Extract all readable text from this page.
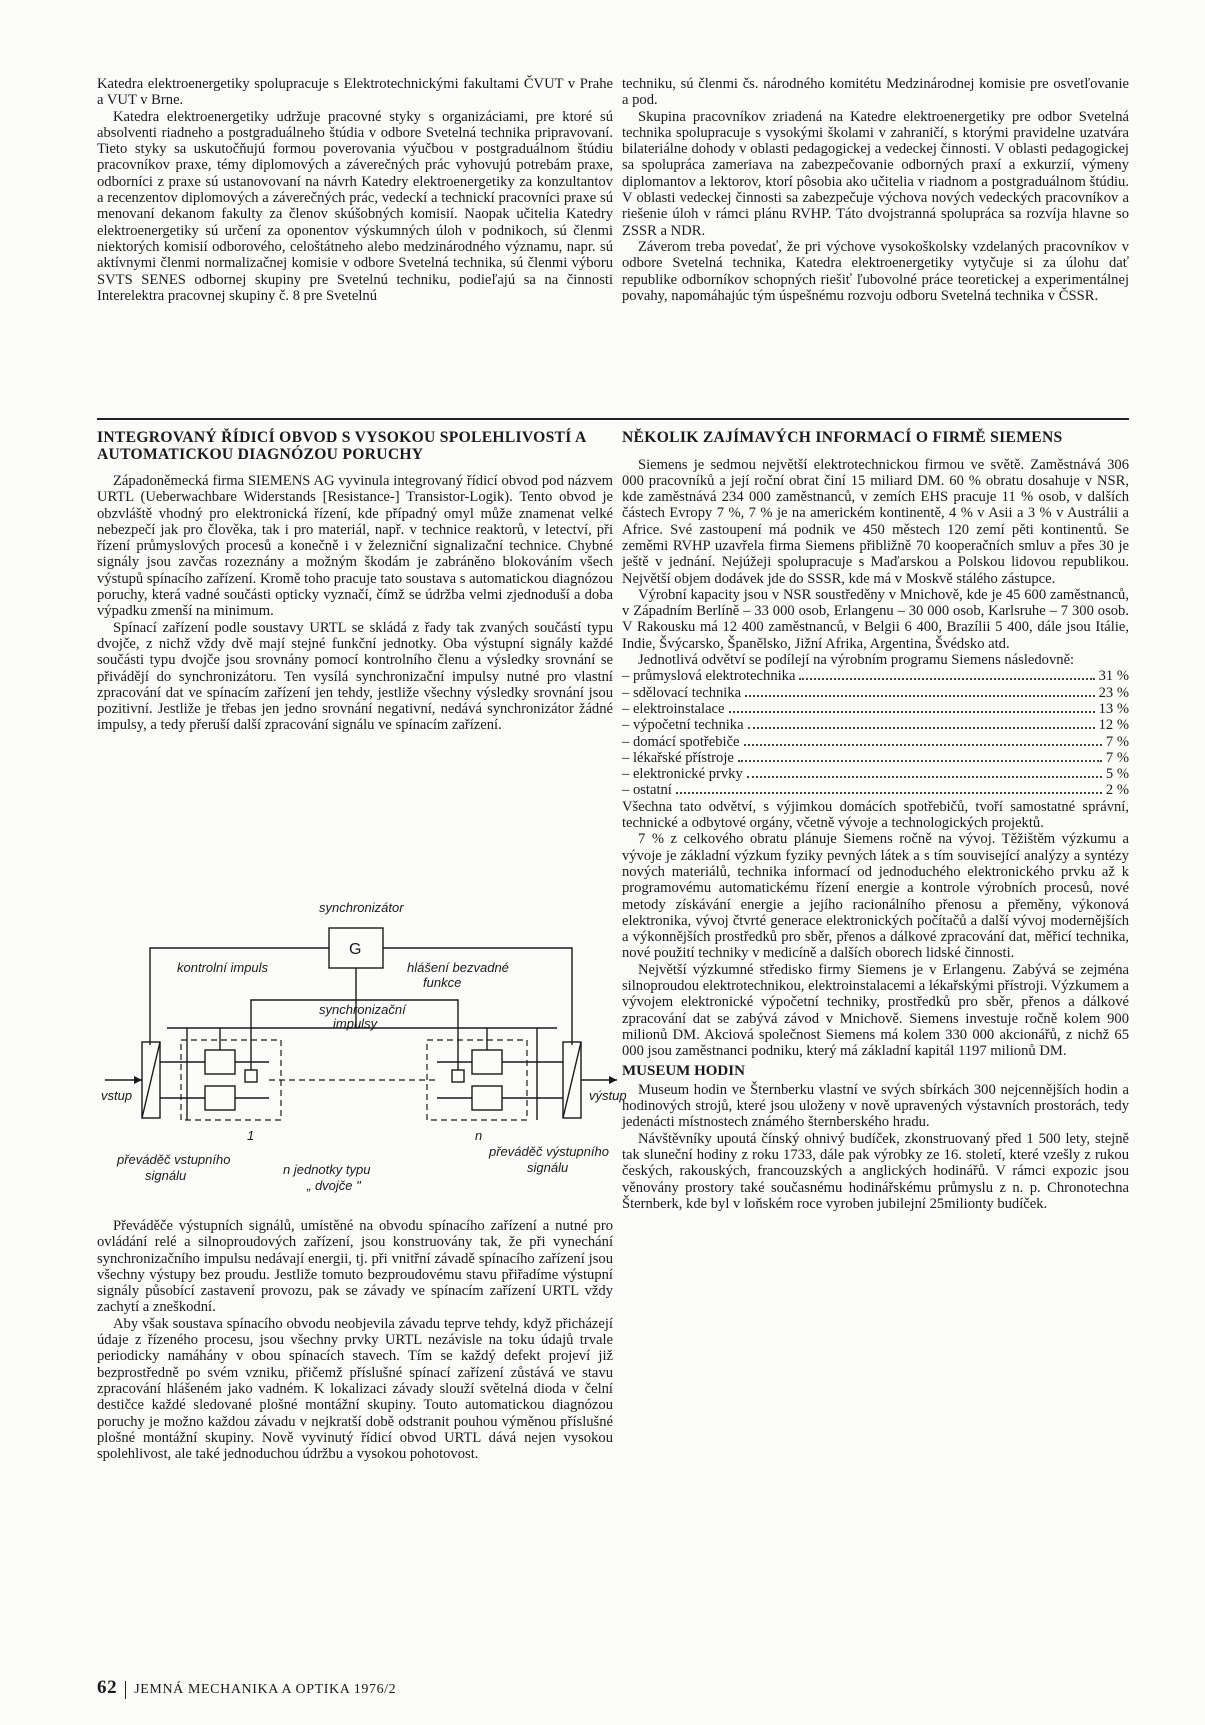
Katedra elektroenergetiky spolupracuje s Elektrotechnickými fakultami ČVUT v Prahe a VUT v Brne.

Katedra elektroenergetiky udržuje pracovné styky s organizáciami, pre ktoré sú absolventi riadneho a postgraduálneho štúdia v odbore Svetelná technika pripravovaní. Tieto styky sa uskutočňujú formou poverovania výučbou v postgraduálnom štúdiu pracovníkov praxe, témy diplomových a záverečných prác vyhovujú potrebám praxe, odborníci z praxe sú ustanovovaní na návrh Katedry elektroenergetiky za konzultantov a recenzentov diplomových a záverečných prác, vedeckí a technickí pracovníci praxe sú menovaní dekanom fakulty za členov skúšobných komisií. Naopak učitelia Katedry elektroenergetiky sú určení za oponentov výskumných úloh v podnikoch, sú členmi niektorých komisií odborového, celoštátneho alebo medzinárodného významu, napr. sú aktívnymi členmi normalizačnej komisie v odbore Svetelná technika, sú členmi výboru SVTS SENES odbornej skupiny pre Svetelnú techniku, podieľajú sa na činnosti Interelektra pracovnej skupiny č. 8 pre Svetelnú

techniku, sú členmi čs. národného komitétu Medzinárodnej komisie pre osvetľovanie a pod.

Skupina pracovníkov zriadená na Katedre elektroenergetiky pre odbor Svetelná technika spolupracuje s vysokými školami v zahraničí, s ktorými pravidelne uzatvára bilateriálne dohody v oblasti pedagogickej a vedeckej činnosti. V oblasti pedagogickej sa spolupráca zameriava na zabezpečovanie odborných praxí a exkurzií, výmeny diplomantov a lektorov, ktorí pôsobia ako učitelia v riadnom a postgraduálnom štúdiu. V oblasti vedeckej činnosti sa zabezpečuje výchova nových vedeckých pracovníkov a riešenie úloh v rámci plánu RVHP. Táto dvojstranná spolupráca sa rozvíja hlavne so ZSSR a NDR.

Záverom treba povedať, že pri výchove vysokoškolsky vzdelaných pracovníkov v odbore Svetelná technika, Katedra elektroenergetiky vytyčuje si za úlohu dať republike odborníkov schopných riešiť ľubovolné práce teoretickej a experimentálnej povahy, napomáhajúc tým úspešnému rozvoju odboru Svetelná technika v ČSSR.

INTEGROVANÝ ŘÍDICÍ OBVOD S VYSOKOU SPOLEHLIVOSTÍ A AUTOMATICKOU DIAGNÓZOU PORUCHY

Západoněmecká firma SIEMENS AG vyvinula integrovaný řídicí obvod pod názvem URTL (Ueberwachbare Widerstands [Resistance-] Transistor-Logik). Tento obvod je obzvláště vhodný pro elektronická řízení, kde případný omyl může znamenat velké nebezpečí jak pro člověka, tak i pro materiál, např. v technice reaktorů, v letectví, při řízení průmyslových procesů a konečně i v železniční signalizační technice. Chybné signály jsou zavčas rozeznány a možným škodám je zabráněno blokováním všech výstupů spínacího zařízení. Kromě toho pracuje tato soustava s automatickou diagnózou poruchy, která vadné součásti opticky vyznačí, čímž se údržba velmi zjednoduší a doba výpadku zmenší na minimum.

Spínací zařízení podle soustavy URTL se skládá z řady tak zvaných součástí typu dvojče, z nichž vždy dvě mají stejné funkční jednotky. Oba výstupní signály každé součásti typu dvojče jsou srovnány pomocí kontrolního členu a výsledky srovnání se přivádějí do synchronizátoru. Ten vysílá synchronizační impulsy nutné pro vlastní zpracování dat ve spínacím zařízení jen tehdy, jestliže všechny výsledky srovnání jsou pozitivní. Jestliže je třebas jen jedno srovnání negativní, nedává synchronizátor žádné impulsy, a tedy přeruší další zpracování signálu ve spínacím zařízení.

synchronizátor
G
kontrolní impuls	hlášení bezvadné
funkce
synchronizační
impulsy
vstup	výstup
1	n
převáděč vstupního
signálu	n jednotky typu
„ dvojče "
převáděč výstupního
signálu

Převáděče výstupních signálů, umístěné na obvodu spínacího zařízení a nutné pro ovládání relé a silnoproudových zařízení, jsou konstruovány tak, že při vynechání synchronizačního impulsu nedávají energii, tj. při vnitřní závadě spínacího zařízení jsou všechny výstupy bez proudu. Jestliže tomuto bezproudovému stavu přiřadíme výstupní signály působící zastavení provozu, pak se závady ve spínacím zařízení URTL vždy zachytí a zneškodní.

Aby však soustava spínacího obvodu neobjevila závadu teprve tehdy, když přicházejí údaje z řízeného procesu, jsou všechny prvky URTL nezávisle na toku údajů trvale periodicky namáhány v obou spínacích stavech. Tím se každý defekt projeví již bezprostředně po svém vzniku, přičemž příslušné spínací zařízení zůstává ve stavu zpracování hlášeném jako vadném. K lokalizaci závady slouží světelná dioda v čelní destičce každé sledované plošné montážní skupiny. Touto automatickou diagnózou poruchy je možno každou závadu v nejkratší době odstranit pouhou výměnou příslušné plošné montážní skupiny. Nově vyvinutý řídicí obvod URTL dává nejen vysokou spolehlivost, ale také jednoduchou údržbu a vysokou pohotovost.

NĚKOLIK ZAJÍMAVÝCH INFORMACÍ O FIRMĚ SIEMENS

Siemens je sedmou největší elektrotechnickou firmou ve světě. Zaměstnává 306 000 pracovníků a její roční obrat činí 15 miliard DM. 60 % obratu dosahuje v NSR, kde zaměstnává 234 000 zaměstnanců, v zemích EHS pracuje 11 % osob, v dalších částech Evropy 7 %, 7 % je na americkém kontinentě, 4 % v Asii a 3 % v Austrálii a Africe. Své zastoupení má podnik ve 450 městech 120 zemí pěti kontinentů. Se zeměmi RVHP uzavřela firma Siemens přibližně 70 kooperačních smluv a přes 30 je ještě v jednání. Nejúžeji spolupracuje s Maďarskou a Polskou lidovou republikou. Největší objem dodávek jde do SSSR, kde má v Moskvě stálého zástupce.

Výrobní kapacity jsou v NSR soustředěny v Mnichově, kde je 45 600 zaměstnanců, v Západním Berlíně – 33 000 osob, Erlangenu – 30 000 osob, Karlsruhe – 7 300 osob. V Rakousku má 12 400 zaměstnanců, v Belgii 6 400, Brazílii 5 400, dále jsou Itálie, Indie, Švýcarsko, Španělsko, Jižní Afrika, Argentina, Švédsko atd.

Jednotlivá odvětví se podílejí na výrobním programu Siemens následovně:

– průmyslová elektrotechnika	31 %
– sdělovací technika	23 %
– elektroinstalace	13 %
– výpočetní technika	12 %
– domácí spotřebiče	7 %
– lékařské přístroje	7 %
– elektronické prvky	5 %
– ostatní	2 %

Všechna tato odvětví, s výjimkou domácích spotřebičů, tvoří samostatné správní, technické a odbytové orgány, včetně vývoje a technologických projektů.

7 % z celkového obratu plánuje Siemens ročně na vývoj. Těžištěm výzkumu a vývoje je základní výzkum fyziky pevných látek a s tím související analýzy a syntézy nových materiálů, technika informací od jednoduchého elektronického prvku až k programovému automatickému řízení energie a kontrole výrobních procesů, nové metody získávání energie a jejího racionálního přenosu a přeměny, výkonová elektronika, vývoj čtvrté generace elektronických počítačů a další vývoj modernějších a výkonnějších prostředků pro sběr, přenos a dálkové zpracování dat, měřicí technika, nové použití techniky v medicíně a dalších oborech lidské činnosti.

Největší výzkumné středisko firmy Siemens je v Erlangenu. Zabývá se zejména silnoproudou elektrotechnikou, elektroinstalacemi a lékařskými přístroji. Výzkumem a vývojem elektronické výpočetní techniky, prostředků pro sběr, přenos a dálkové zpracování dat se zabývá závod v Mnichově. Siemens investuje ročně kolem 900 milionů DM. Akciová společnost Siemens má kolem 330 000 akcionářů, z nichž 65 000 jsou zaměstnanci podniku, který má základní kapitál 1197 milionů DM.

MUSEUM HODIN

Museum hodin ve Šternberku vlastní ve svých sbírkách 300 nejcennějších hodin a hodinových strojů, které jsou uloženy v nově upravených výstavních prostorách, tedy jedenácti místnostech známého šternberského hradu.

Návštěvníky upoutá čínský ohnivý budíček, zkonstruovaný před 1 500 lety, stejně tak sluneční hodiny z roku 1733, dále pak výrobky ze 16. století, které vzešly z rukou českých, rakouských, francouzských a anglických hodinářů. V rámci expozic jsou věnovány prostory také současnému hodinářskému průmyslu z n. p. Chronotechna Šternberk, kde byl v loňském roce vyroben jubilejní 25milionty budíček.

62 JEMNÁ MECHANIKA A OPTIKA 1976/2
